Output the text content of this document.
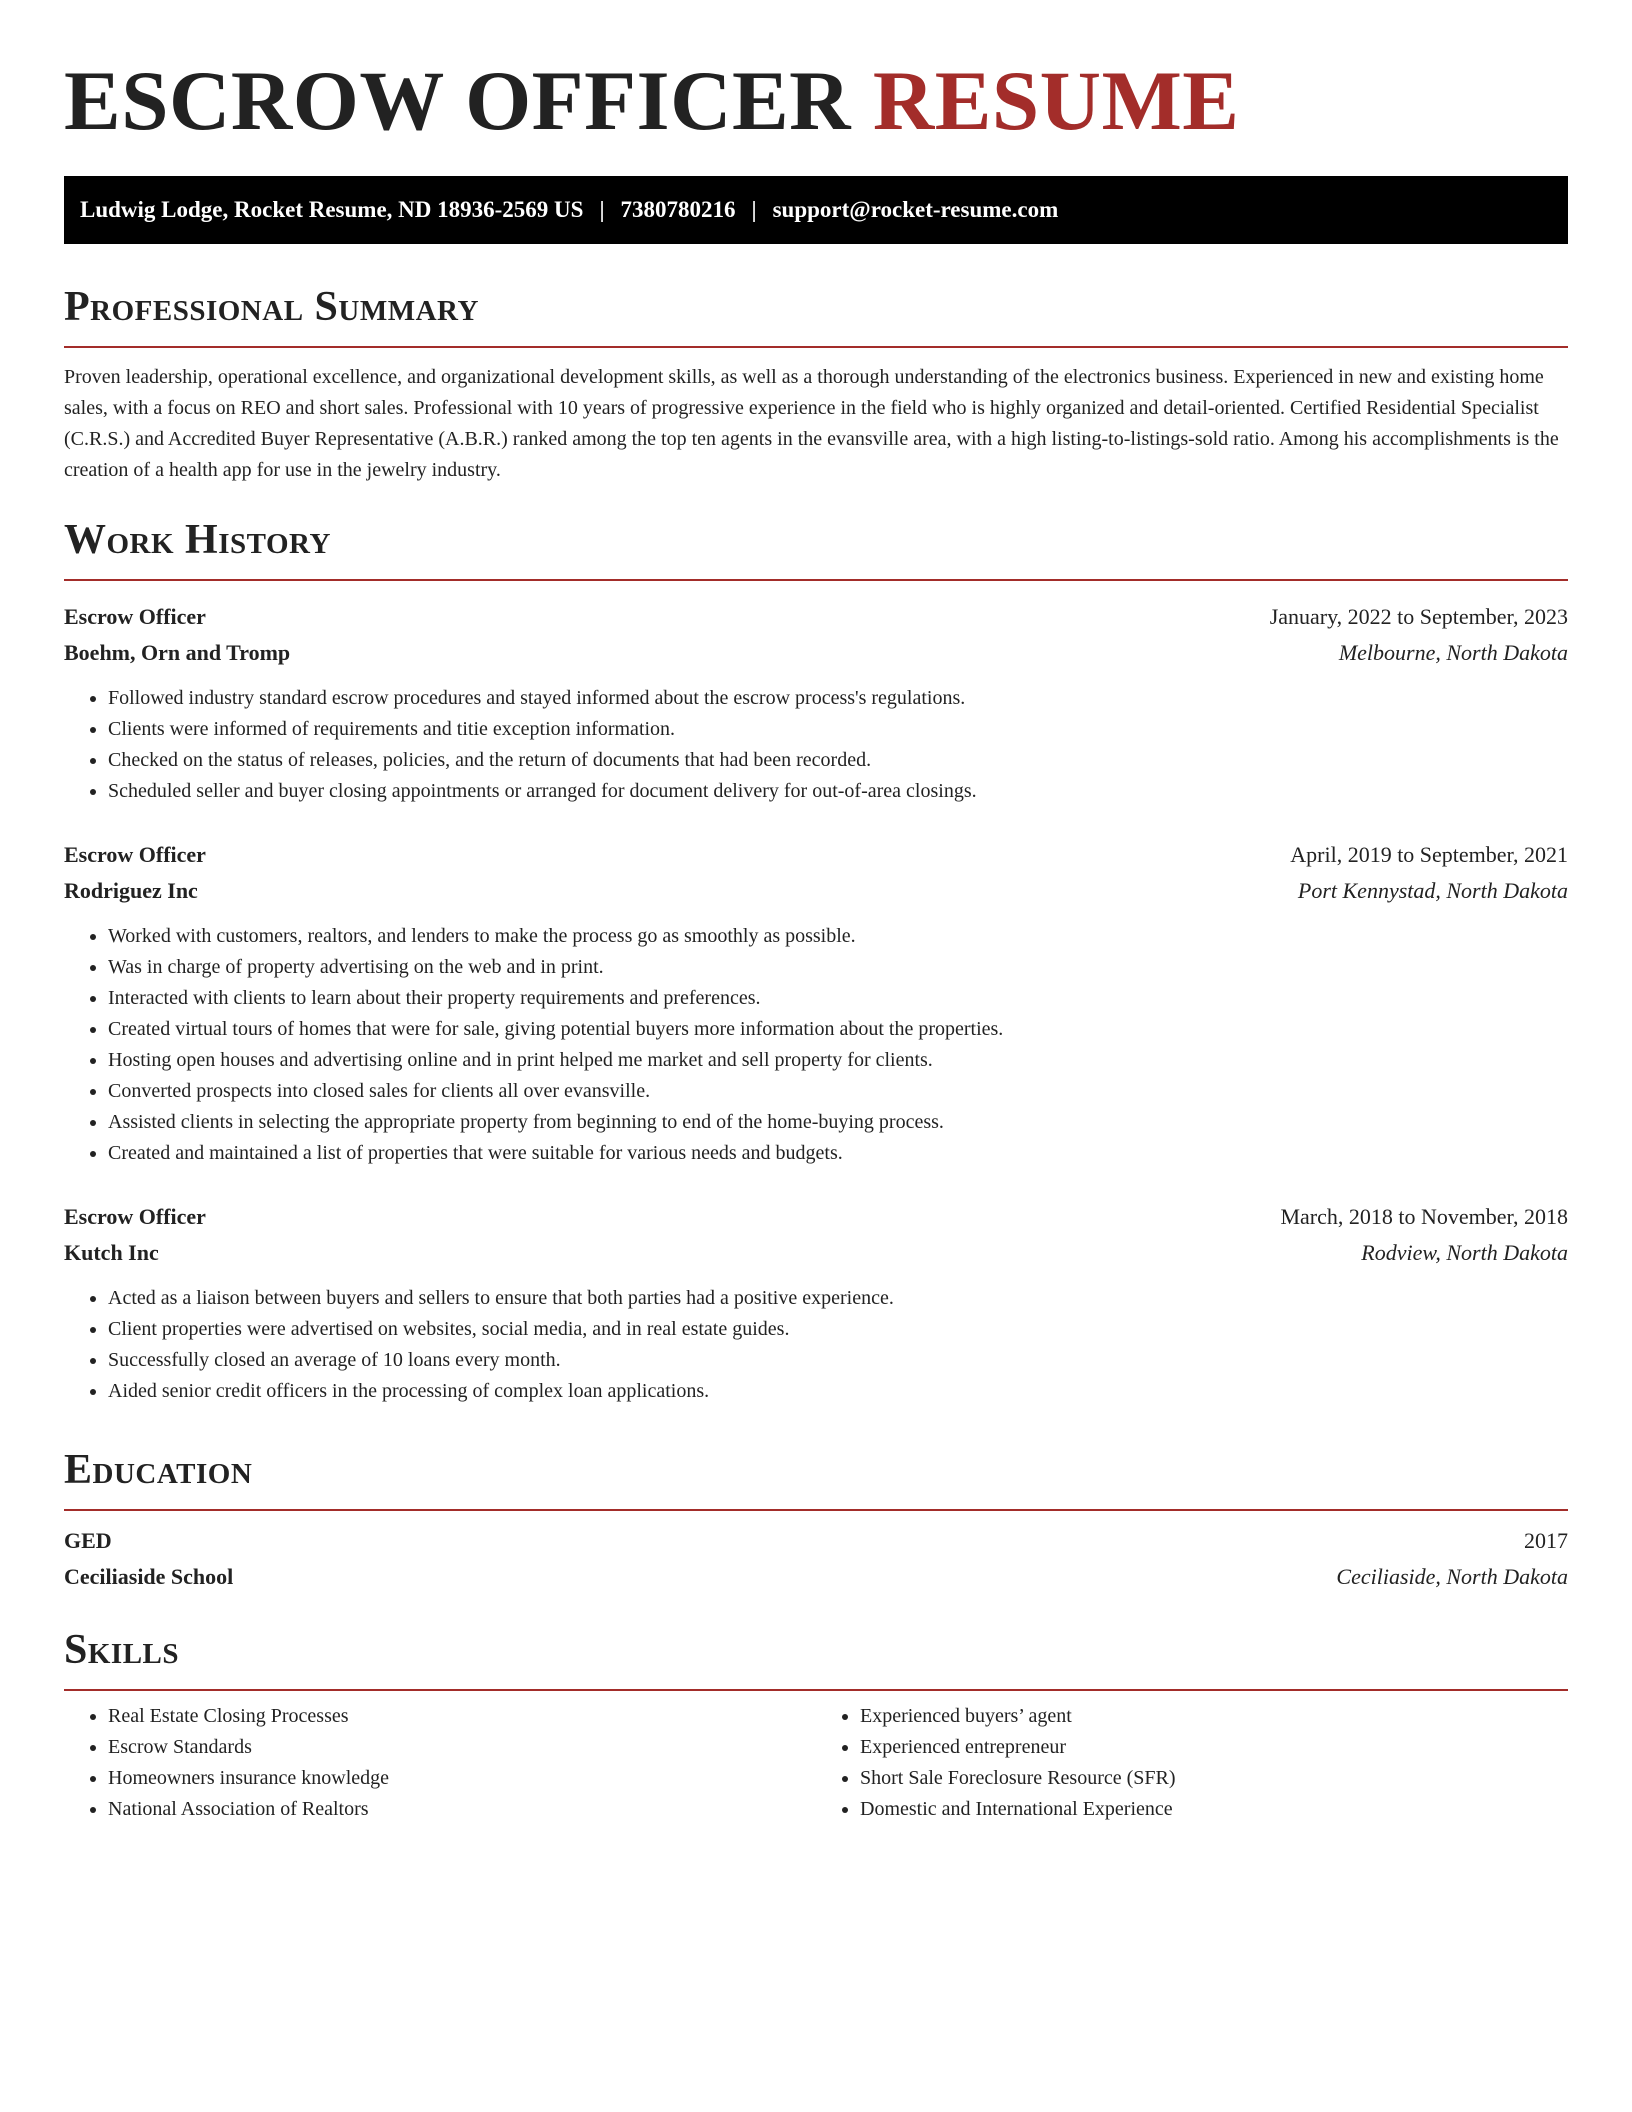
ESCROW OFFICER RESUME
Ludwig Lodge, Rocket Resume, ND 18936-2569 US | 7380780216 | support@rocket-resume.com
Professional Summary

Proven leadership, operational excellence, and organizational development skills, as well as a thorough understanding of the electronics business. Experienced in new and existing home sales, with a focus on REO and short sales. Professional with 10 years of progressive experience in the field who is highly organized and detail-oriented. Certified Residential Specialist (C.R.S.) and Accredited Buyer Representative (A.B.R.) ranked among the top ten agents in the evansville area, with a high listing-to-listings-sold ratio. Among his accomplishments is the creation of a health app for use in the jewelry industry.

Work History
Escrow Officer	January, 2022 to September, 2023
Boehm, Orn and Tromp	Melbourne, North Dakota
• Followed industry standard escrow procedures and stayed informed about the escrow process's regulations.
• Clients were informed of requirements and titie exception information.
• Checked on the status of releases, policies, and the return of documents that had been recorded.
• Scheduled seller and buyer closing appointments or arranged for document delivery for out-of-area closings.
Escrow Officer	April, 2019 to September, 2021
Rodriguez Inc	Port Kennystad, North Dakota
• Worked with customers, realtors, and lenders to make the process go as smoothly as possible.
• Was in charge of property advertising on the web and in print.
• Interacted with clients to learn about their property requirements and preferences.
• Created virtual tours of homes that were for sale, giving potential buyers more information about the properties.
• Hosting open houses and advertising online and in print helped me market and sell property for clients.
• Converted prospects into closed sales for clients all over evansville.
• Assisted clients in selecting the appropriate property from beginning to end of the home-buying process.
• Created and maintained a list of properties that were suitable for various needs and budgets.
Escrow Officer	March, 2018 to November, 2018
Kutch Inc	Rodview, North Dakota
• Acted as a liaison between buyers and sellers to ensure that both parties had a positive experience.
• Client properties were advertised on websites, social media, and in real estate guides.
• Successfully closed an average of 10 loans every month.
• Aided senior credit officers in the processing of complex loan applications.
Education
GED	2017
Ceciliaside School	Ceciliaside, North Dakota
Skills
• Real Estate Closing Processes
• Escrow Standards
• Homeowners insurance knowledge
• National Association of Realtors
• Experienced buyers’ agent
• Experienced entrepreneur
• Short Sale Foreclosure Resource (SFR)
• Domestic and International Experience
